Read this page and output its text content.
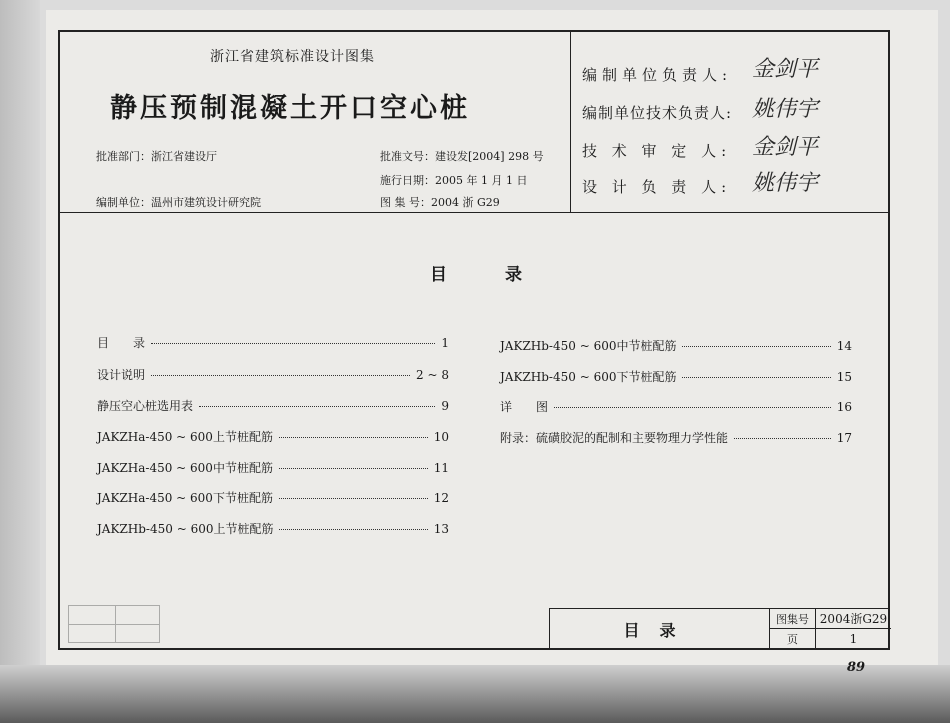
浙江省建筑标准设计图集
静压预制混凝土开口空心桩
批准部门：浙江省建设厅	批准文号：建设发[2004] 298 号
施行日期：2005 年 1 月 1 日
编制单位：温州市建筑设计研究院	图 集 号：2004 浙 G29
编制单位负责人: 金剑平
编制单位技术负责人: 姚伟宇
技 术 审 定 人: 金剑平
设 计 负 责 人: 姚伟宇
目	录
目　　录	1
设计说明	2 ~ 8
静压空心桩选用表	9
JAKZHa-450 ~ 600上节桩配筋	10
JAKZHa-450 ~ 600中节桩配筋	11
JAKZHa-450 ~ 600下节桩配筋	12
JAKZHb-450 ~ 600上节桩配筋	13
JAKZHb-450 ~ 600中节桩配筋	14
JAKZHb-450 ~ 600下节桩配筋	15
详　　图	16
附录：硫磺胶泥的配制和主要物理力学性能	17
目录
图集号 2004浙G29
页	1
89
